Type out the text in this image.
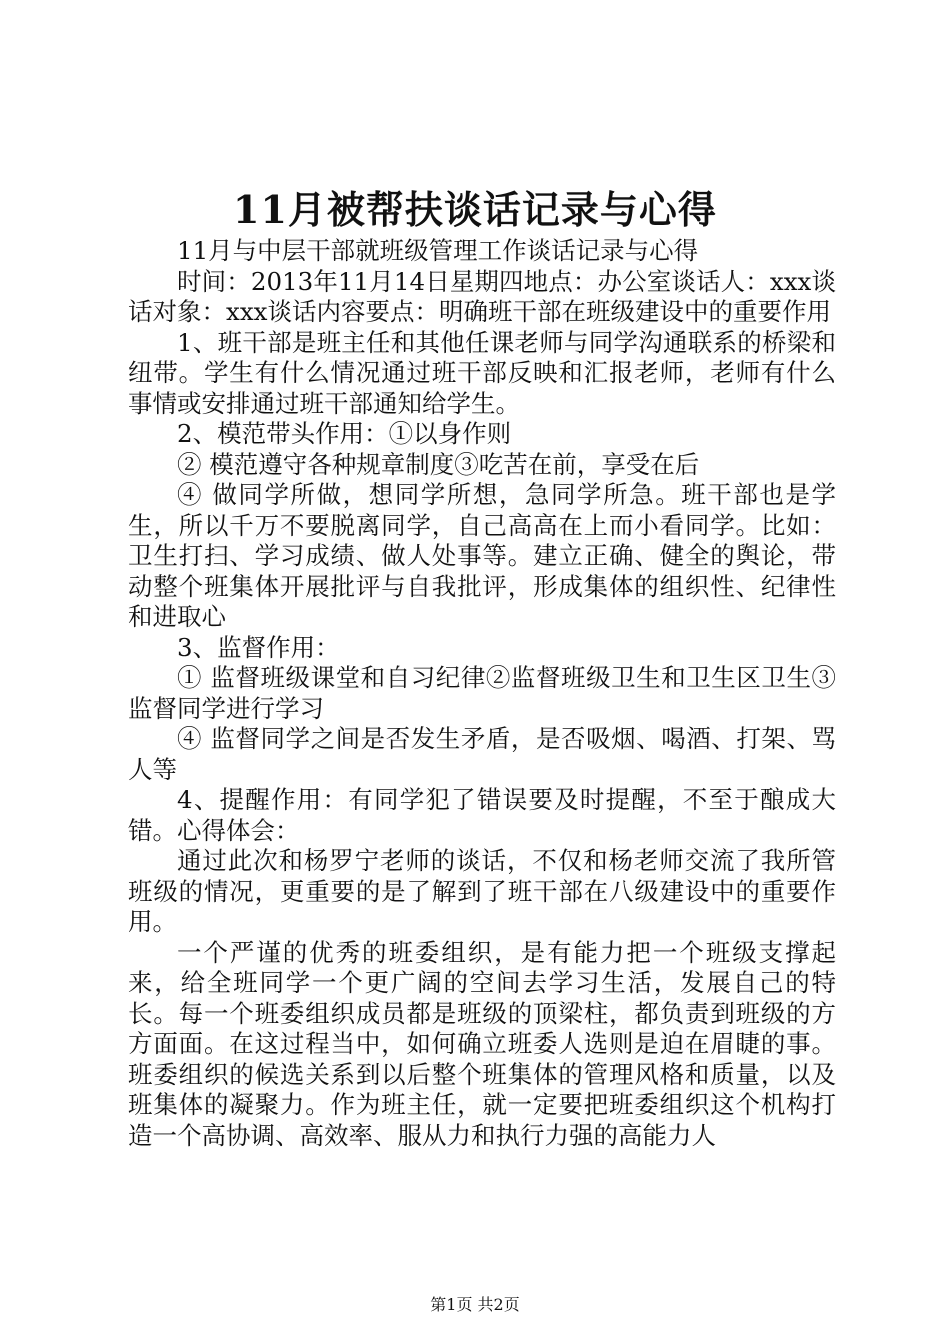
11月被帮扶谈话记录与心得

11月与中层干部就班级管理工作谈话记录与心得

时间：2013年11月14日星期四地点：办公室谈话人：xxx谈话对象：xxx谈话内容要点：明确班干部在班级建设中的重要作用

1、班干部是班主任和其他任课老师与同学沟通联系的桥梁和纽带。学生有什么情况通过班干部反映和汇报老师，老师有什么事情或安排通过班干部通知给学生。

2、模范带头作用：①以身作则

② 模范遵守各种规章制度③吃苦在前，享受在后

④ 做同学所做，想同学所想，急同学所急。班干部也是学生，所以千万不要脱离同学，自己高高在上而小看同学。比如：卫生打扫、学习成绩、做人处事等。建立正确、健全的舆论，带动整个班集体开展批评与自我批评，形成集体的组织性、纪律性和进取心

3、监督作用：

① 监督班级课堂和自习纪律②监督班级卫生和卫生区卫生③监督同学进行学习

④ 监督同学之间是否发生矛盾，是否吸烟、喝酒、打架、骂人等

4、提醒作用：有同学犯了错误要及时提醒，不至于酿成大错。心得体会：

通过此次和杨罗宁老师的谈话，不仅和杨老师交流了我所管班级的情况，更重要的是了解到了班干部在八级建设中的重要作用。

一个严谨的优秀的班委组织，是有能力把一个班级支撑起来，给全班同学一个更广阔的空间去学习生活，发展自己的特长。每一个班委组织成员都是班级的顶梁柱，都负责到班级的方方面面。在这过程当中，如何确立班委人选则是迫在眉睫的事。班委组织的候选关系到以后整个班集体的管理风格和质量，以及班集体的凝聚力。作为班主任，就一定要把班委组织这个机构打造一个高协调、高效率、服从力和执行力强的高能力人

第1页 共2页
